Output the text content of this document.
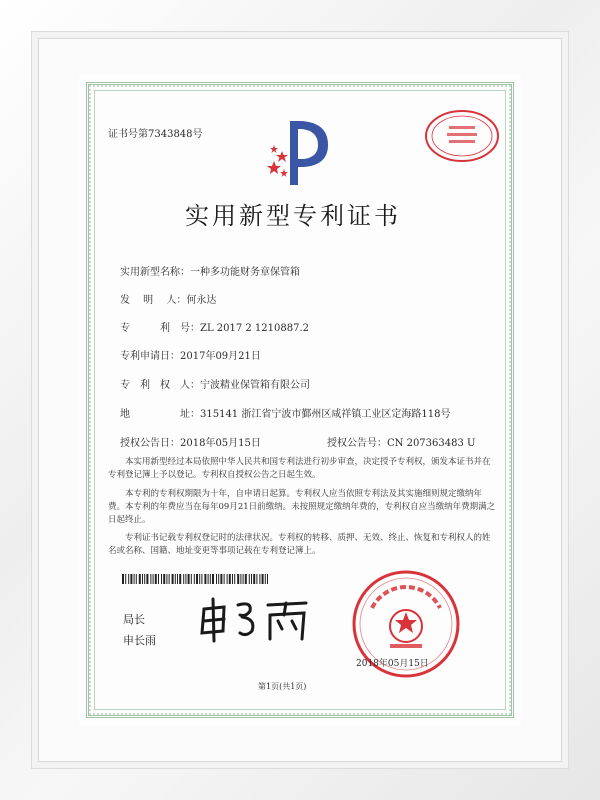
证书号第7343848号
实用新型专利证书
实用新型名称：一种多功能财务章保管箱
发　 明　 人：何永达
专　　　利　号：ZL 2017 2 1210887.2
专利申请日：2017年09月21日
专　利　权　人：宁波精业保管箱有限公司
地　　　　　址：315141 浙江省宁波市鄞州区咸祥镇工业区定海路118号
授权公告日：2018年05月15日	授权公告号：CN 207363483 U
本实用新型经过本局依照中华人民共和国专利法进行初步审查，决定授予专利权，颁发本证书并在专利登记簿上予以登记。专利权自授权公告之日起生效。
本专利的专利权期限为十年，自申请日起算。专利权人应当依照专利法及其实施细则规定缴纳年费。本专利的年费应当在每年09月21日前缴纳。未按照规定缴纳年费的，专利权自应当缴纳年费期满之日起终止。
专利证书记载专利权登记时的法律状况。专利权的转移、质押、无效、终止、恢复和专利权人的姓名或名称、国籍、地址变更等事项记载在专利登记簿上。
局长
申长雨
2018年05月15日
第1页(共1页)
